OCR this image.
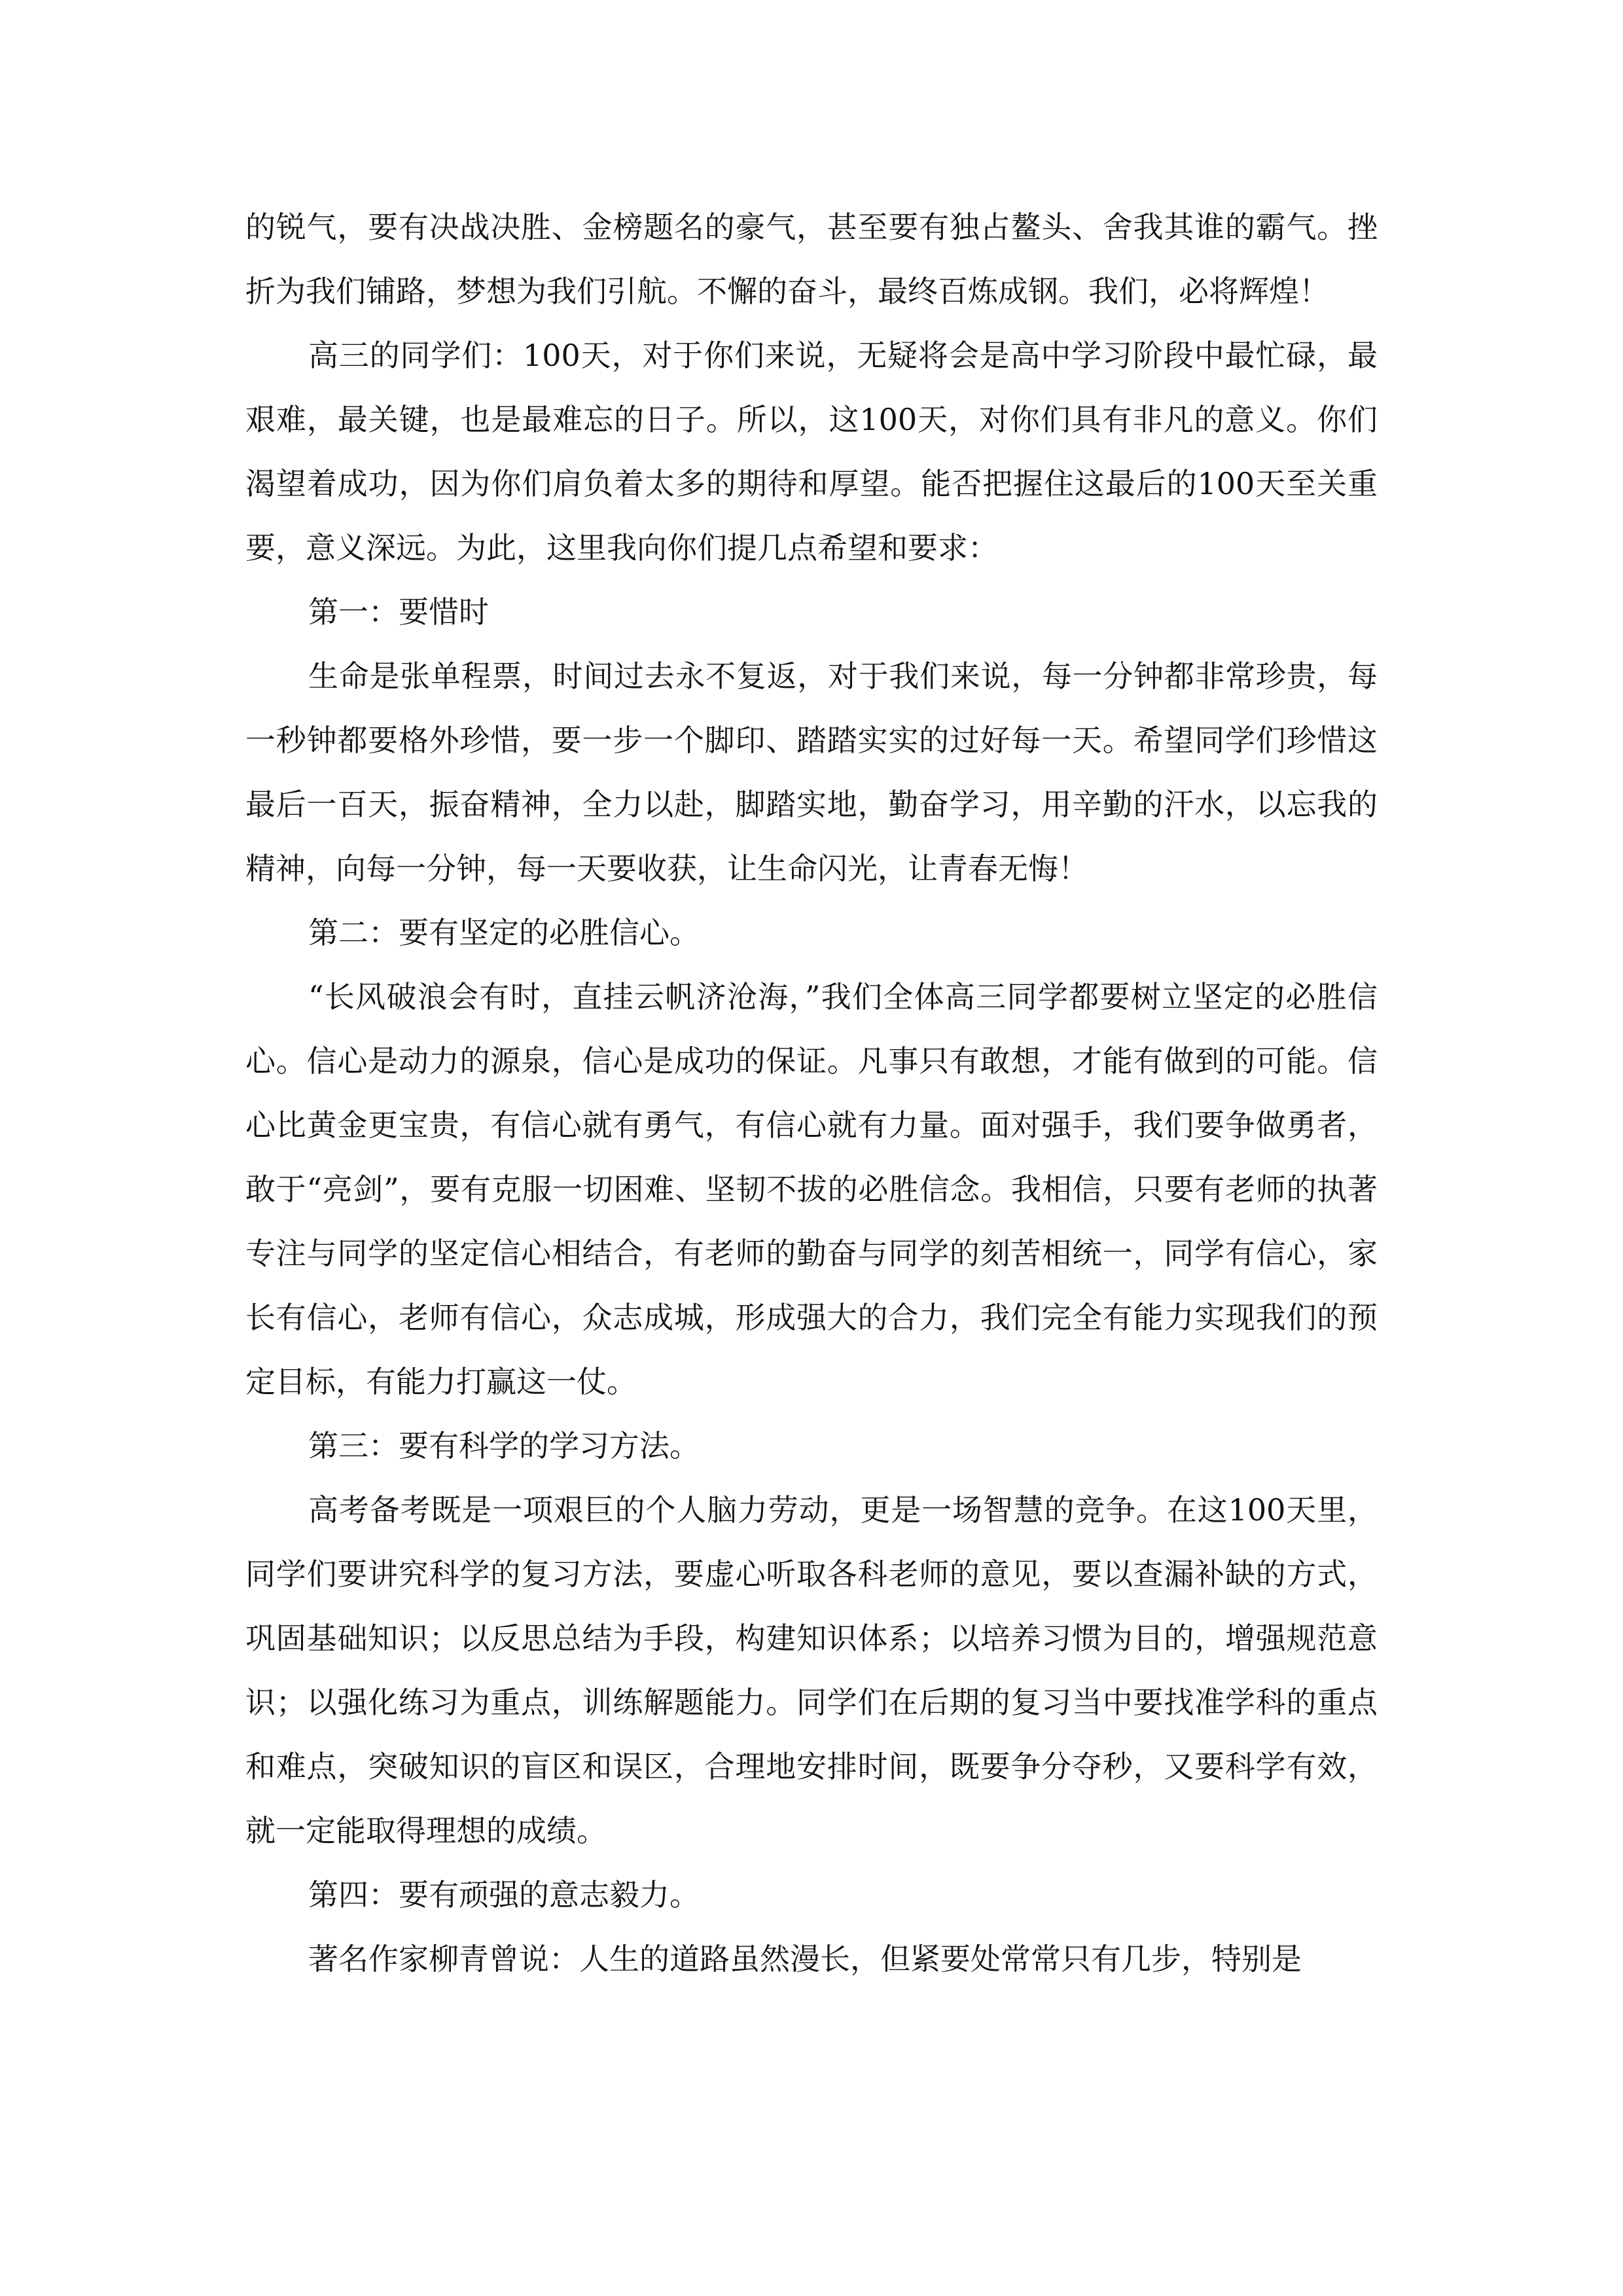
的锐气，要有决战决胜、金榜题名的豪气，甚至要有独占鳌头、舍我其谁的霸气。挫折为我们铺路，梦想为我们引航。不懈的奋斗，最终百炼成钢。我们，必将辉煌！

高三的同学们：100天，对于你们来说，无疑将会是高中学习阶段中最忙碌，最艰难，最关键，也是最难忘的日子。所以，这100天，对你们具有非凡的意义。你们渴望着成功，因为你们肩负着太多的期待和厚望。能否把握住这最后的100天至关重要，意义深远。为此，这里我向你们提几点希望和要求：

第一：要惜时

生命是张单程票，时间过去永不复返，对于我们来说，每一分钟都非常珍贵，每一秒钟都要格外珍惜，要一步一个脚印、踏踏实实的过好每一天。希望同学们珍惜这最后一百天，振奋精神，全力以赴，脚踏实地，勤奋学习，用辛勤的汗水，以忘我的精神，向每一分钟，每一天要收获，让生命闪光，让青春无悔！

第二：要有坚定的必胜信心。

“长风破浪会有时，直挂云帆济沧海，”我们全体高三同学都要树立坚定的必胜信心。信心是动力的源泉，信心是成功的保证。凡事只有敢想，才能有做到的可能。信心比黄金更宝贵，有信心就有勇气，有信心就有力量。面对强手，我们要争做勇者，敢于“亮剑”，要有克服一切困难、坚韧不拔的必胜信念。我相信，只要有老师的执著专注与同学的坚定信心相结合，有老师的勤奋与同学的刻苦相统一，同学有信心，家长有信心，老师有信心，众志成城，形成强大的合力，我们完全有能力实现我们的预定目标，有能力打赢这一仗。

第三：要有科学的学习方法。

高考备考既是一项艰巨的个人脑力劳动，更是一场智慧的竞争。在这100天里，同学们要讲究科学的复习方法，要虚心听取各科老师的意见，要以查漏补缺的方式，巩固基础知识；以反思总结为手段，构建知识体系；以培养习惯为目的，增强规范意识；以强化练习为重点，训练解题能力。同学们在后期的复习当中要找准学科的重点和难点，突破知识的盲区和误区，合理地安排时间，既要争分夺秒，又要科学有效，就一定能取得理想的成绩。

第四：要有顽强的意志毅力。

著名作家柳青曾说：人生的道路虽然漫长，但紧要处常常只有几步，特别是
